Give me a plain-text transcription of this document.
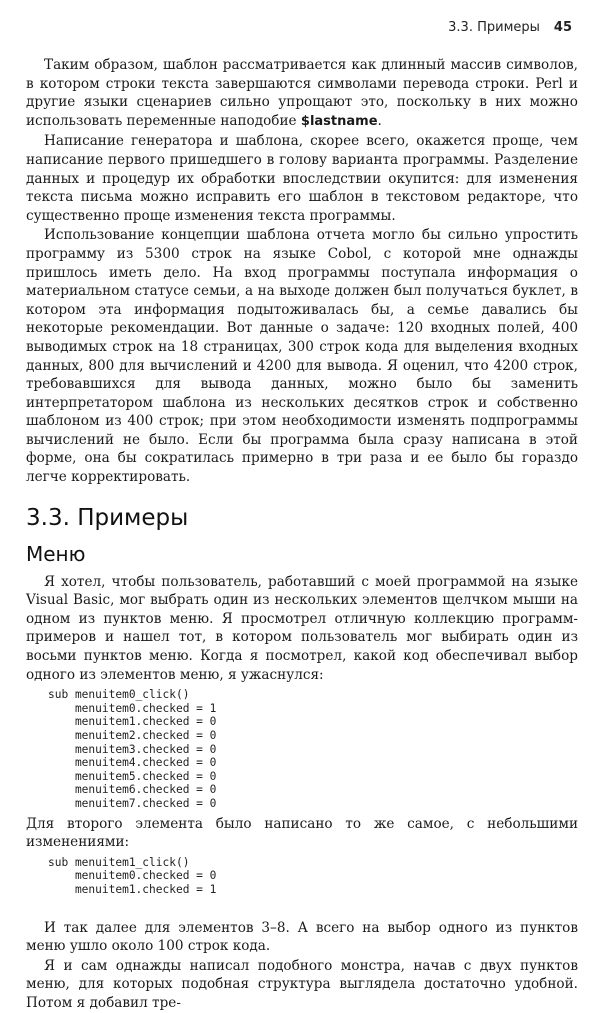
3.3. Примеры 45

Таким образом, шаблон рассматривается как длинный массив символов, в котором строки текста завершаются символами перевода строки. Perl и другие языки сценариев сильно упрощают это, поскольку в них можно использовать переменные наподобие $lastname.

Написание генератора и шаблона, скорее всего, окажется проще, чем написание первого пришедшего в голову варианта программы. Разделение данных и процедур их обработки впоследствии окупится: для изменения текста письма можно исправить его шаблон в текстовом редакторе, что существенно проще изменения текста программы.

Использование концепции шаблона отчета могло бы сильно упростить программу из 5300 строк на языке Cobol, с которой мне однажды пришлось иметь дело. На вход программы поступала информация о материальном статусе семьи, а на выходе должен был получаться буклет, в котором эта информация подытоживалась бы, а семье давались бы некоторые рекомендации. Вот данные о задаче: 120 входных полей, 400 выводимых строк на 18 страницах, 300 строк кода для выделения входных данных, 800 для вычислений и 4200 для вывода. Я оценил, что 4200 строк, требовавшихся для вывода данных, можно было бы заменить интерпретатором шаблона из нескольких десятков строк и собственно шаблоном из 400 строк; при этом необходимости изменять подпрограммы вычислений не было. Если бы программа была сразу написана в этой форме, она бы сократилась примерно в три раза и ее было бы гораздо легче корректировать.

3.3. Примеры
Меню

Я хотел, чтобы пользователь, работавший с моей программой на языке Visual Basic, мог выбрать один из нескольких элементов щелчком мыши на одном из пунктов меню. Я просмотрел отличную коллекцию программ-примеров и нашел тот, в котором пользователь мог выбирать один из восьми пунктов меню. Когда я посмотрел, какой код обеспечивал выбор одного из элементов меню, я ужаснулся:

sub menuitem0_click()
menuitem0.checked = 1
menuitem1.checked = 0
menuitem2.checked = 0
menuitem3.checked = 0
menuitem4.checked = 0
menuitem5.checked = 0
menuitem6.checked = 0
menuitem7.checked = 0

Для второго элемента было написано то же самое, с небольшими изменениями:

sub menuitem1_click()
menuitem0.checked = 0
menuitem1.checked = 1

И так далее для элементов 3–8. А всего на выбор одного из пунктов меню ушло около 100 строк кода.

Я и сам однажды написал подобного монстра, начав с двух пунктов меню, для которых подобная структура выглядела достаточно удобной. Потом я добавил тре-
